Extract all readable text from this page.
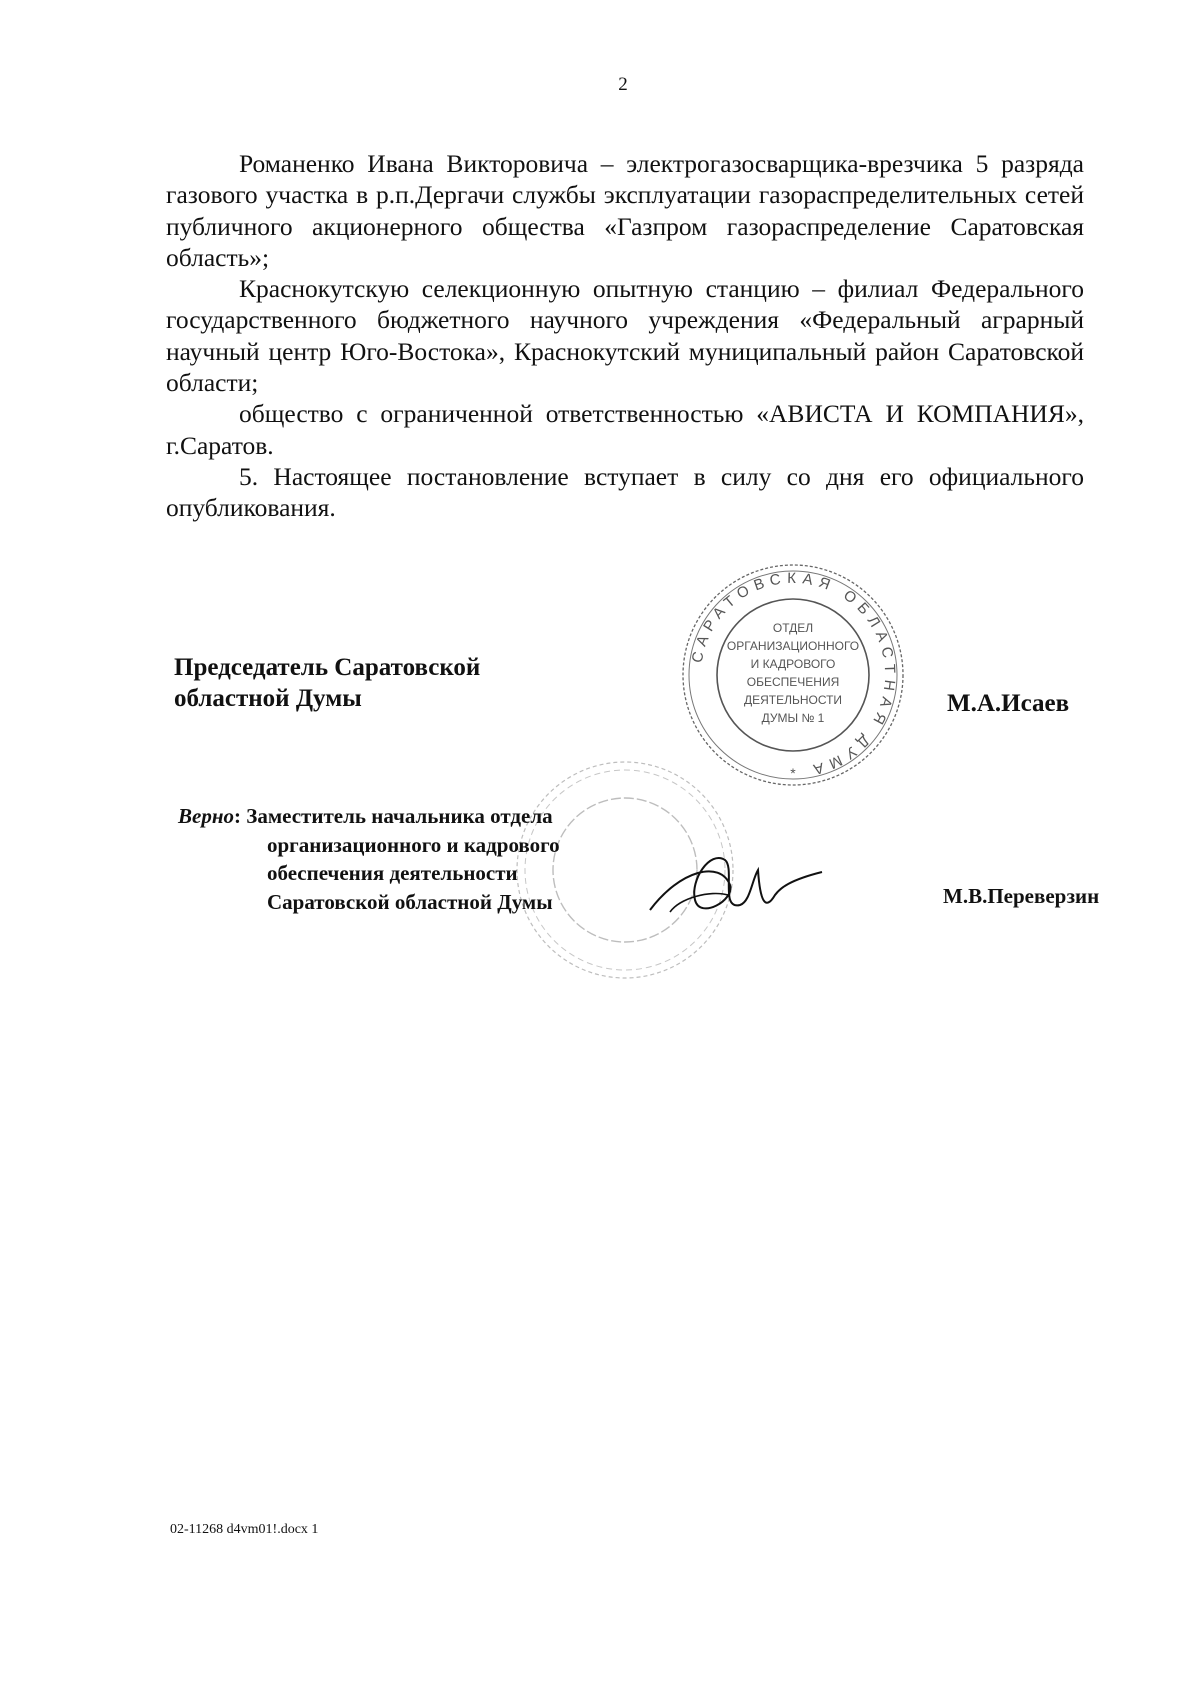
2

Романенко Ивана Викторовича – электрогазосварщика-врезчика 5 разряда газового участка в р.п.Дергачи службы эксплуатации газораспределительных сетей публичного акционерного общества «Газпром газораспределение Саратовская область»;

Краснокутскую селекционную опытную станцию – филиал Федерального государственного бюджетного научного учреждения «Федеральный аграрный научный центр Юго-Востока», Краснокутский муниципальный район Саратовской области;

общество с ограниченной ответственностью «АВИСТА И КОМПАНИЯ», г.Саратов.

5. Настоящее постановление вступает в силу со дня его официального опубликования.

САРАТОВСКАЯ ОБЛАСТНАЯ ДУМА
ОТДЕЛ
ОРГАНИЗАЦИОННОГО
И КАДРОВОГО
ОБЕСПЕЧЕНИЯ
ДЕЯТЕЛЬНОСТИ
ДУМЫ № 1
*
Председатель Саратовской
областной Думы	М.А.Исаев
Верно: Заместитель начальника отдела
организационного и кадрового
обеспечения деятельности
Саратовской областной Думы	М.В.Переверзин
02-11268 d4vm01!.docx 1
